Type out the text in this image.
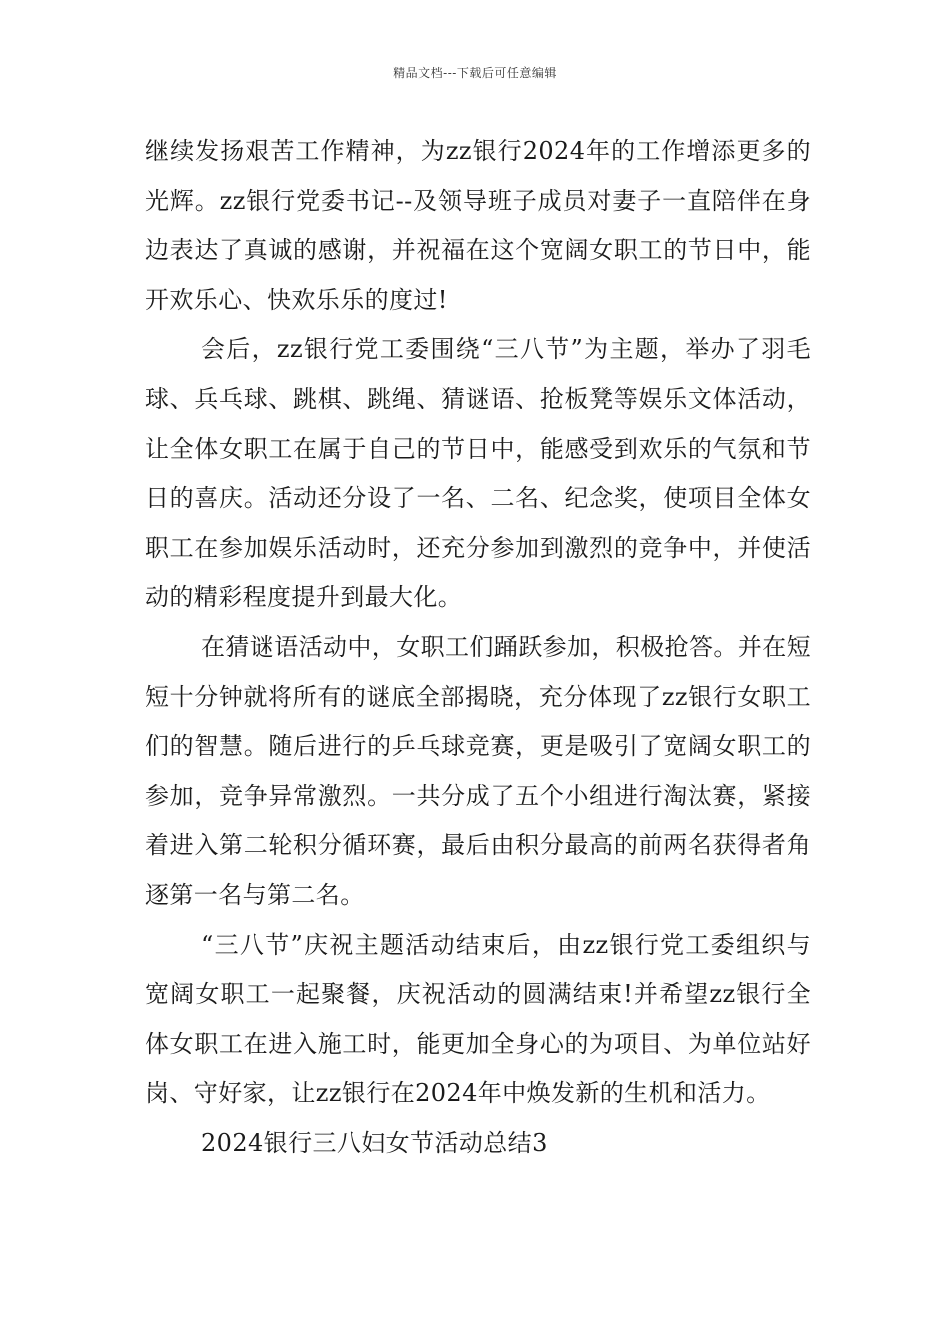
精品文档---下载后可任意编辑

继续发扬艰苦工作精神，为zz银行2024年的工作增添更多的光辉。zz银行党委书记--及领导班子成员对妻子一直陪伴在身边表达了真诚的感谢，并祝福在这个宽阔女职工的节日中，能开欢乐心、快欢乐乐的度过!

会后，zz银行党工委围绕“三八节”为主题，举办了羽毛球、兵乓球、跳棋、跳绳、猜谜语、抢板凳等娱乐文体活动，让全体女职工在属于自己的节日中，能感受到欢乐的气氛和节日的喜庆。活动还分设了一名、二名、纪念奖，使项目全体女职工在参加娱乐活动时，还充分参加到激烈的竞争中，并使活动的精彩程度提升到最大化。

在猜谜语活动中，女职工们踊跃参加，积极抢答。并在短短十分钟就将所有的谜底全部揭晓，充分体现了zz银行女职工们的智慧。随后进行的乒乓球竞赛，更是吸引了宽阔女职工的参加，竞争异常激烈。一共分成了五个小组进行淘汰赛，紧接着进入第二轮积分循环赛，最后由积分最高的前两名获得者角逐第一名与第二名。

“三八节”庆祝主题活动结束后，由zz银行党工委组织与宽阔女职工一起聚餐，庆祝活动的圆满结束!并希望zz银行全体女职工在进入施工时，能更加全身心的为项目、为单位站好岗、守好家，让zz银行在2024年中焕发新的生机和活力。

2024银行三八妇女节活动总结3
